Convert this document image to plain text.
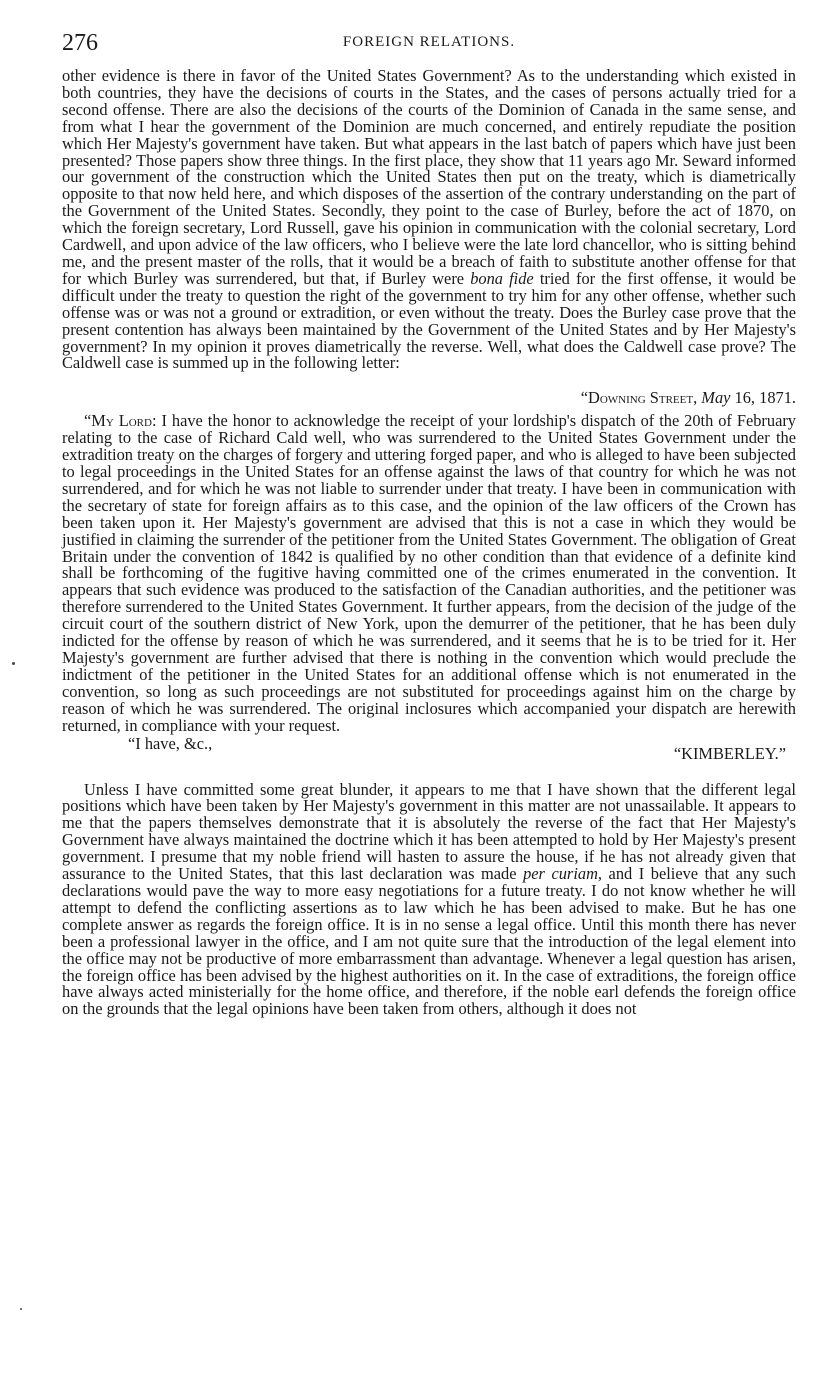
276	FOREIGN RELATIONS.

other evidence is there in favor of the United States Government? As to the understanding which existed in both countries, they have the decisions of courts in the States, and the cases of persons actually tried for a second offense. There are also the decisions of the courts of the Dominion of Canada in the same sense, and from what I hear the government of the Dominion are much concerned, and entirely repudiate the position which Her Majesty's government have taken. But what appears in the last batch of papers which have just been presented? Those papers show three things. In the first place, they show that 11 years ago Mr. Seward informed our government of the construction which the United States then put on the treaty, which is diametrically opposite to that now held here, and which disposes of the assertion of the contrary understanding on the part of the Government of the United States. Secondly, they point to the case of Burley, before the act of 1870, on which the foreign secretary, Lord Russell, gave his opinion in communication with the colonial secretary, Lord Cardwell, and upon advice of the law officers, who I believe were the late lord chancellor, who is sitting behind me, and the present master of the rolls, that it would be a breach of faith to substitute another offense for that for which Burley was surrendered, but that, if Burley were bona fide tried for the first offense, it would be difficult under the treaty to question the right of the government to try him for any other offense, whether such offense was or was not a ground or extradition, or even without the treaty. Does the Burley case prove that the present contention has always been maintained by the Government of the United States and by Her Majesty's government? In my opinion it proves diametrically the reverse. Well, what does the Caldwell case prove? The Caldwell case is summed up in the following letter:

“Downing Street, May 16, 1871.

“My Lord: I have the honor to acknowledge the receipt of your lordship's dispatch of the 20th of February relating to the case of Richard Cald well, who was surrendered to the United States Government under the extradition treaty on the charges of forgery and uttering forged paper, and who is alleged to have been subjected to legal proceedings in the United States for an offense against the laws of that country for which he was not surrendered, and for which he was not liable to surrender under that treaty. I have been in communication with the secretary of state for foreign affairs as to this case, and the opinion of the law officers of the Crown has been taken upon it. Her Majesty's government are advised that this is not a case in which they would be justified in claiming the surrender of the petitioner from the United States Government. The obligation of Great Britain under the convention of 1842 is qualified by no other condition than that evidence of a definite kind shall be forthcoming of the fugitive having committed one of the crimes enumerated in the convention. It appears that such evidence was produced to the satisfaction of the Canadian authorities, and the petitioner was therefore surrendered to the United States Government. It further appears, from the decision of the judge of the circuit court of the southern district of New York, upon the demurrer of the petitioner, that he has been duly indicted for the offense by reason of which he was surrendered, and it seems that he is to be tried for it. Her Majesty's government are further advised that there is nothing in the convention which would preclude the indictment of the petitioner in the United States for an additional offense which is not enumerated in the convention, so long as such proceedings are not substituted for proceedings against him on the charge by reason of which he was surrendered. The original inclosures which accompanied your dispatch are herewith returned, in compliance with your request.

“I have, &c.,
“KIMBERLEY.”

Unless I have committed some great blunder, it appears to me that I have shown that the different legal positions which have been taken by Her Majesty's government in this matter are not unassailable. It appears to me that the papers themselves demonstrate that it is absolutely the reverse of the fact that Her Majesty's Government have always maintained the doctrine which it has been attempted to hold by Her Majesty's present government. I presume that my noble friend will hasten to assure the house, if he has not already given that assurance to the United States, that this last declaration was made per curiam, and I believe that any such declarations would pave the way to more easy negotiations for a future treaty. I do not know whether he will attempt to defend the conflicting assertions as to law which he has been advised to make. But he has one complete answer as regards the foreign office. It is in no sense a legal office. Until this month there has never been a professional lawyer in the office, and I am not quite sure that the introduction of the legal element into the office may not be productive of more embarrassment than advantage. Whenever a legal question has arisen, the foreign office has been advised by the highest authorities on it. In the case of extraditions, the foreign office have always acted ministerially for the home office, and therefore, if the noble earl defends the foreign office on the grounds that the legal opinions have been taken from others, although it does not
